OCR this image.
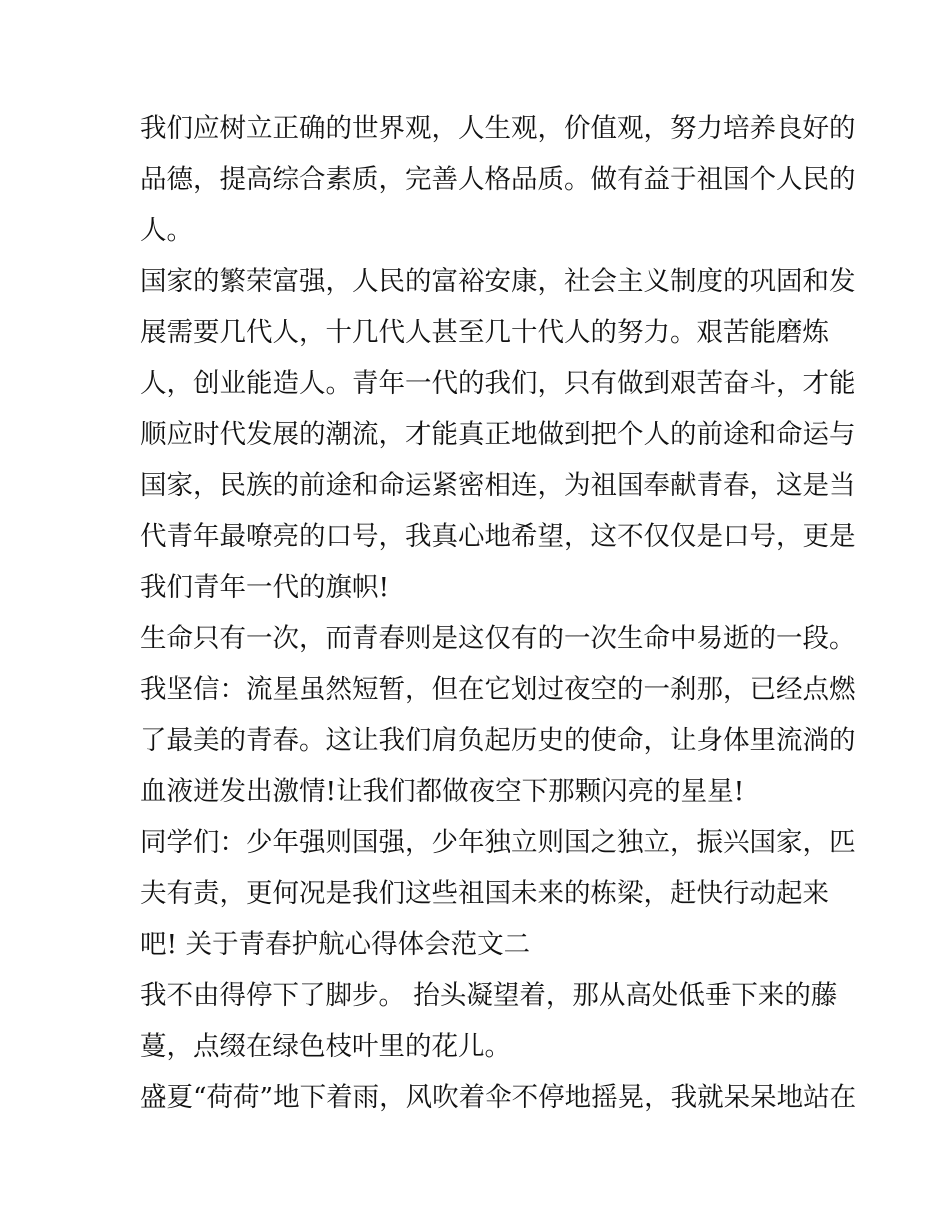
我们应树立正确的世界观，人生观，价值观，努力培养良好的
品德，提高综合素质，完善人格品质。做有益于祖国个人民的
人。
国家的繁荣富强，人民的富裕安康，社会主义制度的巩固和发
展需要几代人，十几代人甚至几十代人的努力。艰苦能磨炼
人，创业能造人。青年一代的我们，只有做到艰苦奋斗，才能
顺应时代发展的潮流，才能真正地做到把个人的前途和命运与
国家，民族的前途和命运紧密相连，为祖国奉献青春，这是当
代青年最嘹亮的口号，我真心地希望，这不仅仅是口号，更是
我们青年一代的旗帜!
生命只有一次，而青春则是这仅有的一次生命中易逝的一段。
我坚信：流星虽然短暂，但在它划过夜空的一刹那，已经点燃
了最美的青春。这让我们肩负起历史的使命，让身体里流淌的
血液迸发出激情!让我们都做夜空下那颗闪亮的星星!
同学们：少年强则国强，少年独立则国之独立，振兴国家，匹
夫有责，更何况是我们这些祖国未来的栋梁，赶快行动起来
吧! 关于青春护航心得体会范文二
我不由得停下了脚步。 抬头凝望着，那从高处低垂下来的藤
蔓，点缀在绿色枝叶里的花儿。
盛夏“荷荷”地下着雨，风吹着伞不停地摇晃，我就呆呆地站在
